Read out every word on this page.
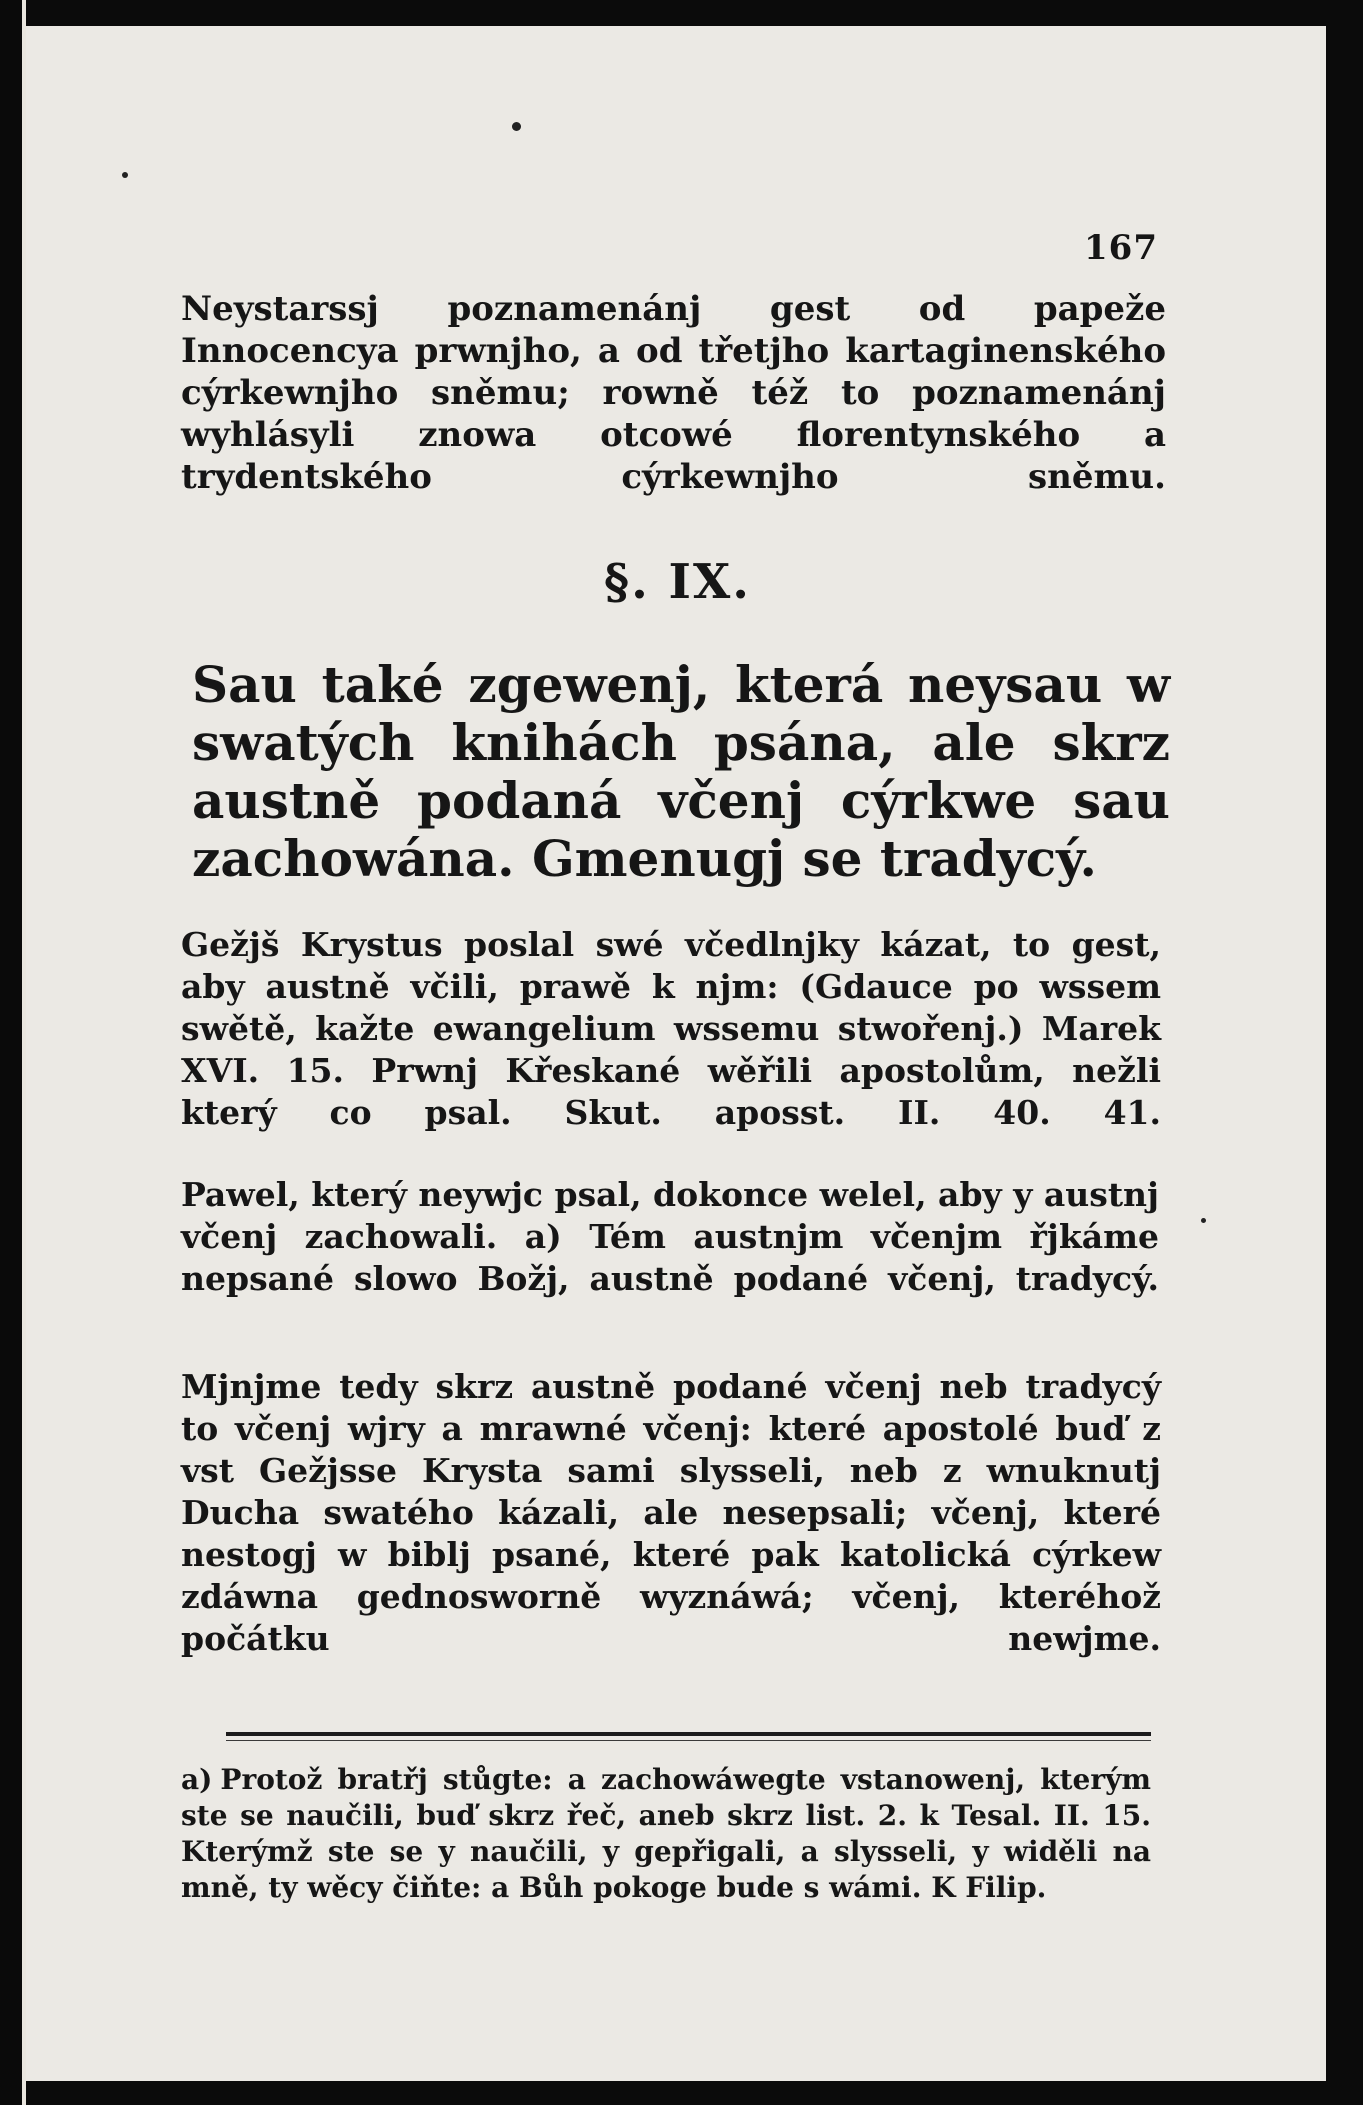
167

Neystarssj poznamenánj gest od papeže Innocencya prwnjho, a od třetjho kartaginenského cýrkewnjho sněmu; rowně též to poznamenánj wyhlásyli znowa otcowé florentynského a trydentského cýrkewnjho sněmu.

§. IX.

Sau také zgewenj, která neysau w swatých knihách psána, ale skrz austně podaná včenj cýrkwe sau zachowána. Gmenugj se tradycý.

Gežjš Krystus poslal swé včedlnjky kázat, to gest, aby austně včili, prawě k njm: (Gdauce po wssem swětě, kažte ewangelium wssemu stwořenj.) Marek XVI. 15. Prwnj Křeskané wěřili apostolům, nežli který co psal. Skut. aposst. II. 40. 41.

Pawel, který neywjc psal, dokonce welel, aby y austnj včenj zachowali. a) Tém austnjm včenjm řjkáme nepsané slowo Božj, austně podané včenj, tradycý.

Mjnjme tedy skrz austně podané včenj neb tradycý to včenj wjry a mrawné včenj: které apostolé buď z vst Gežjsse Krysta sami slysseli, neb z wnuknutj Ducha swatého kázali, ale nesepsali; včenj, které nestogj w biblj psané, které pak katolická cýrkew zdáwna gednosworně wyznáwá; včenj, kteréhož počátku newjme.

a) Protož bratřj stůgte: a zachowáwegte vstanowenj, kterým ste se naučili, buď skrz řeč, aneb skrz list. 2. k Tesal. II. 15. Kterýmž ste se y naučili, y gepřigali, a slysseli, y widěli na mně, ty wěcy čiňte: a Bůh pokoge bude s wámi. K Filip.
